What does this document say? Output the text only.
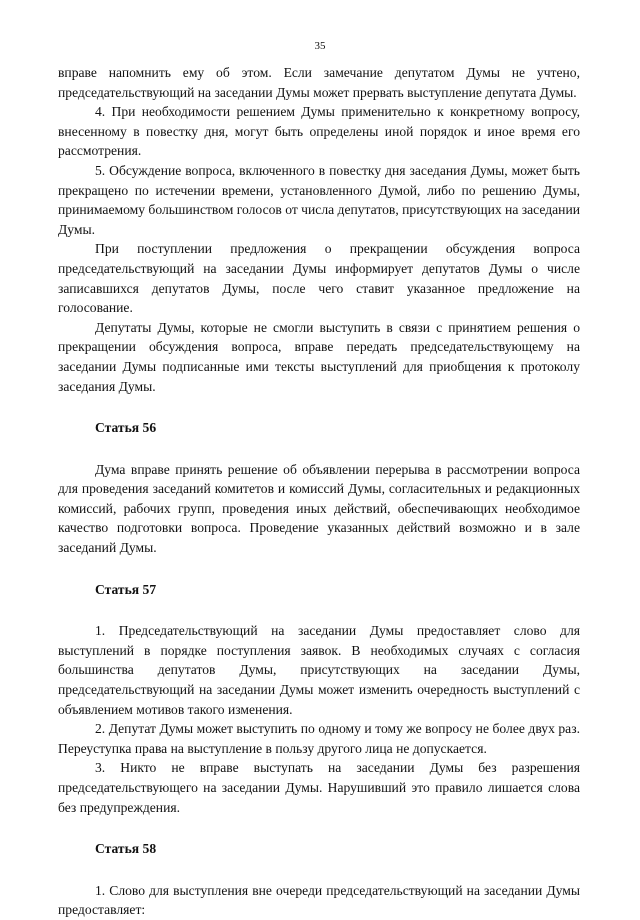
35

вправе напомнить ему об этом. Если замечание депутатом Думы не учтено, председательствующий на заседании Думы может прервать выступление депутата Думы.

4. При необходимости решением Думы применительно к конкретному вопросу, внесенному в повестку дня, могут быть определены иной порядок и иное время его рассмотрения.

5. Обсуждение вопроса, включенного в повестку дня заседания Думы, может быть прекращено по истечении времени, установленного Думой, либо по решению Думы, принимаемому большинством голосов от числа депутатов, присутствующих на заседании Думы.

При поступлении предложения о прекращении обсуждения вопроса председательствующий на заседании Думы информирует депутатов Думы о числе записавшихся депутатов Думы, после чего ставит указанное предложение на голосование.

Депутаты Думы, которые не смогли выступить в связи с принятием решения о прекращении обсуждения вопроса, вправе передать председательствующему на заседании Думы подписанные ими тексты выступлений для приобщения к протоколу заседания Думы.

Статья 56

Дума вправе принять решение об объявлении перерыва в рассмотрении вопроса для проведения заседаний комитетов и комиссий Думы, согласительных и редакционных комиссий, рабочих групп, проведения иных действий, обеспечивающих необходимое качество подготовки вопроса. Проведение указанных действий возможно и в зале заседаний Думы.

Статья 57

1. Председательствующий на заседании Думы предоставляет слово для выступлений в порядке поступления заявок. В необходимых случаях с согласия большинства депутатов Думы, присутствующих на заседании Думы, председательствующий на заседании Думы может изменить очередность выступлений с объявлением мотивов такого изменения.

2. Депутат Думы может выступить по одному и тому же вопросу не более двух раз. Переуступка права на выступление в пользу другого лица не допускается.

3. Никто не вправе выступать на заседании Думы без разрешения председательствующего на заседании Думы. Нарушивший это правило лишается слова без предупреждения.

Статья 58

1. Слово для выступления вне очереди председательствующий на заседании Думы предоставляет:
